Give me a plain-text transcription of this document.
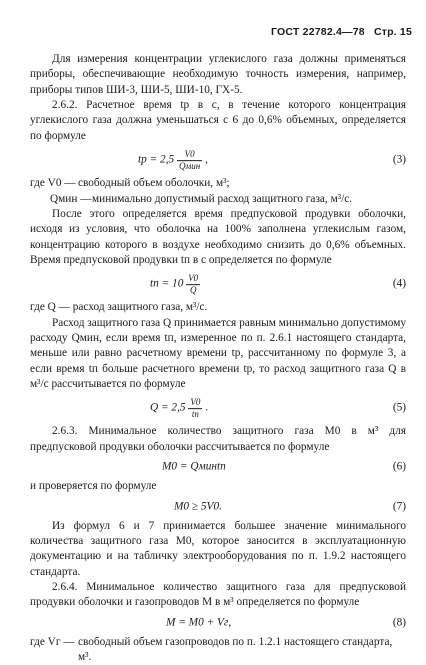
ГОСТ 22782.4—78 Стр. 15

Для измерения концентрации углекислого газа должны применяться приборы, обеспечивающие необходимую точность измерения, например, приборы типов ШИ-3, ШИ-5, ШИ-10, ГХ-5.

2.6.2. Расчетное время tp в с, в течение которого концентрация углекислого газа должна уменьшаться с 6 до 0,6% объемных, определяется по формуле

tp = $2,5 \frac{V0}{\text{Qмин}}$ ,	(3)
где V0 — свободный объем оболочки, м³;
Qмин — минимально допустимый расход защитного газа, м³/с.

После этого определяется время предпусковой продувки оболочки, исходя из условия, что оболочка на 100% заполнена углекислым газом, концентрацию которого в воздухе необходимо снизить до 0,6% объемных. Время предпусковой продувки tп в с определяется по формуле

tп = $10 \frac{V0}{Q}$	(4)

где Q — расход защитного газа, м³/с.

Расход защитного газа Q принимается равным минимально допустимому расходу Qмин, если время tп, измеренное по п. 2.6.1 настоящего стандарта, меньше или равно расчетному времени tp, рассчитанному по формуле 3, а если время tп больше расчетного времени tp, то расход защитного газа Q в м³/с рассчитывается по формуле

$Q = 2,5 \frac{V0}{tп}$ .	(5)

2.6.3. Минимальное количество защитного газа M0 в м³ для предпусковой продувки оболочки рассчитывается по формуле

M0 = Qминtп	(6)

и проверяется по формуле

M0 ≥ 5V0.	(7)

Из формул 6 и 7 принимается большее значение минимального количества защитного газа M0, которое заносится в эксплуатационную документацию и на табличку электрооборудования по п. 1.9.2 настоящего стандарта.

2.6.4. Минимальное количество защитного газа для предпусковой продувки оболочки и газопроводов M в м³ определяется по формуле

M = M0 + Vг,	(8)
где Vг — свободный объем газопроводов по п. 1.2.1 настоящего стандарта, м³.
